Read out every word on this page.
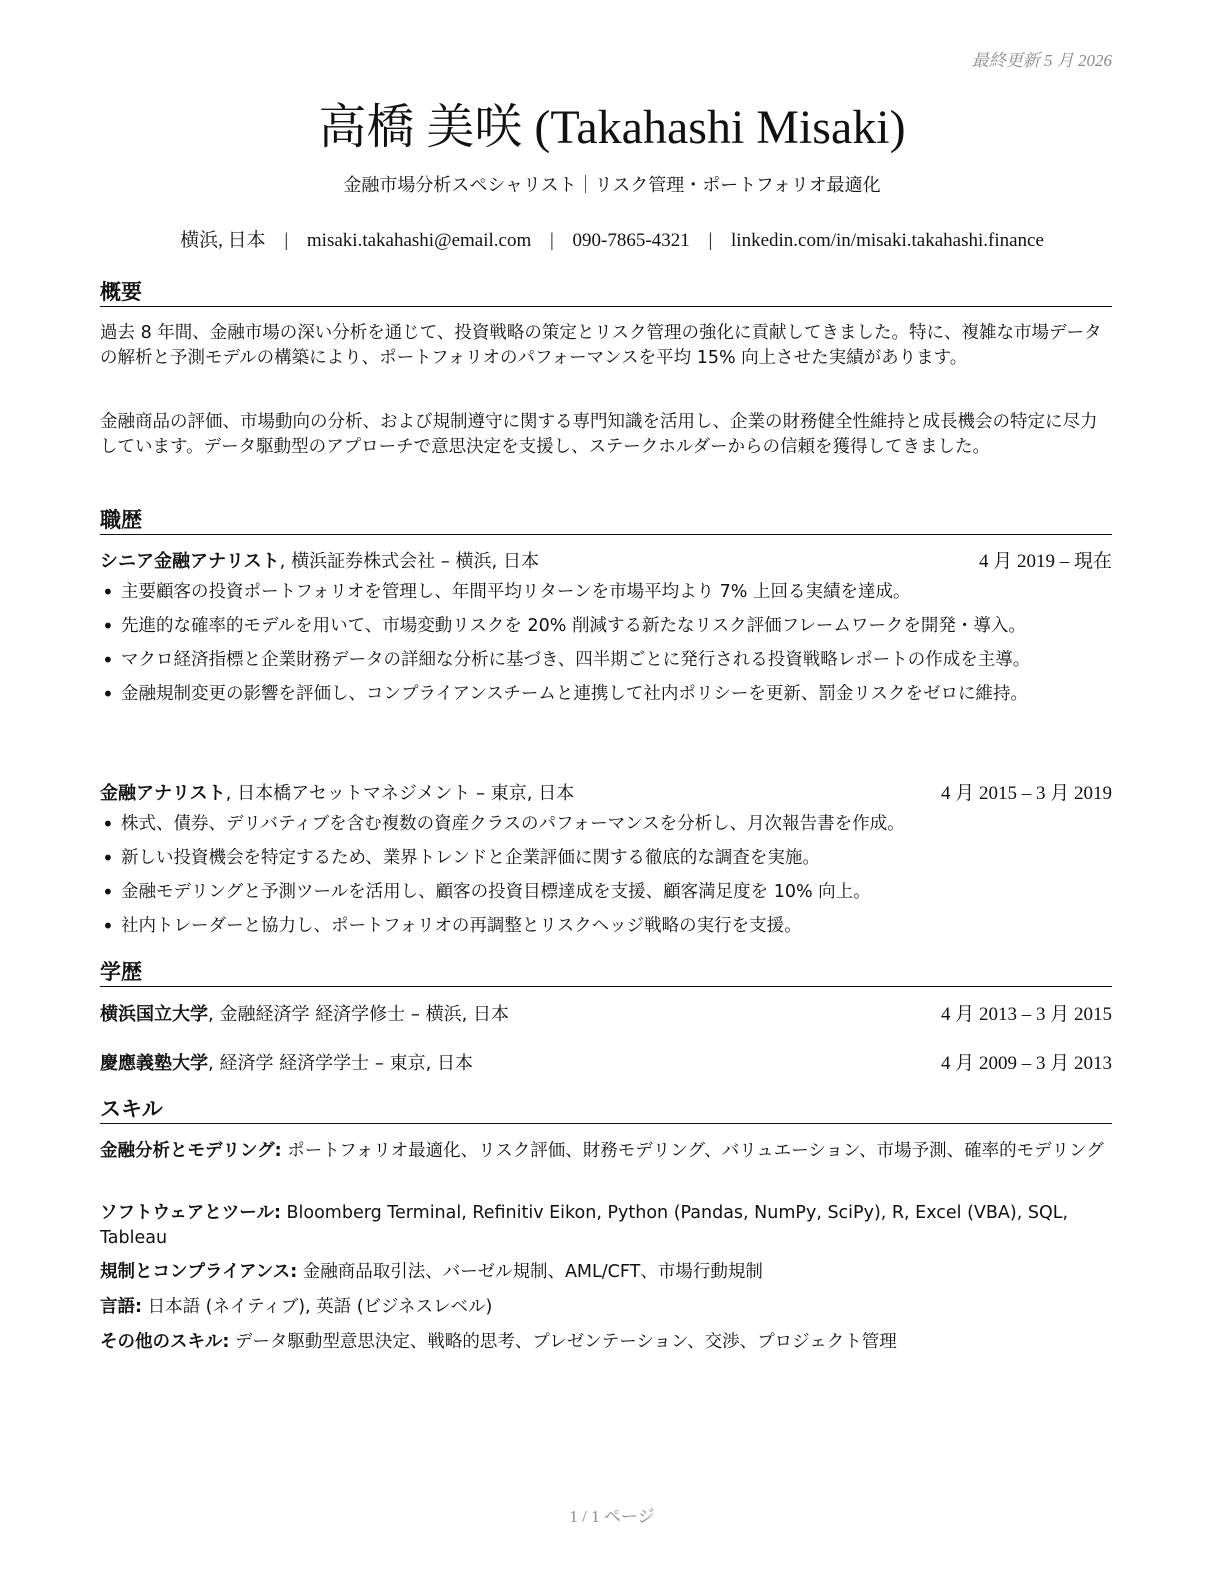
最終更新 5 月 2026
高橋 美咲 (Takahashi Misaki)
金融市場分析スペシャリスト｜リスク管理・ポートフォリオ最適化
横浜, 日本 | misaki.takahashi@email.com | 090-7865-4321 | linkedin.com/in/misaki.takahashi.finance
概要
過去 8 年間、金融市場の深い分析を通じて、投資戦略の策定とリスク管理の強化に貢献してきました。特に、複雑な市場データの解析と予測モデルの構築により、ポートフォリオのパフォーマンスを平均 15% 向上させた実績があります。
金融商品の評価、市場動向の分析、および規制遵守に関する専門知識を活用し、企業の財務健全性維持と成長機会の特定に尽力しています。データ駆動型のアプローチで意思決定を支援し、ステークホルダーからの信頼を獲得してきました。
職歴
シニア金融アナリスト, 横浜証券株式会社 – 横浜, 日本	4 月 2019 – 現在
• 主要顧客の投資ポートフォリオを管理し、年間平均リターンを市場平均より 7% 上回る実績を達成。
• 先進的な確率的モデルを用いて、市場変動リスクを 20% 削減する新たなリスク評価フレームワークを開発・導入。
• マクロ経済指標と企業財務データの詳細な分析に基づき、四半期ごとに発行される投資戦略レポートの作成を主導。
• 金融規制変更の影響を評価し、コンプライアンスチームと連携して社内ポリシーを更新、罰金リスクをゼロに維持。
金融アナリスト, 日本橋アセットマネジメント – 東京, 日本	4 月 2015 – 3 月 2019
• 株式、債券、デリバティブを含む複数の資産クラスのパフォーマンスを分析し、月次報告書を作成。
• 新しい投資機会を特定するため、業界トレンドと企業評価に関する徹底的な調査を実施。
• 金融モデリングと予測ツールを活用し、顧客の投資目標達成を支援、顧客満足度を 10% 向上。
• 社内トレーダーと協力し、ポートフォリオの再調整とリスクヘッジ戦略の実行を支援。
学歴
横浜国立大学, 金融経済学 経済学修士 – 横浜, 日本	4 月 2013 – 3 月 2015
慶應義塾大学, 経済学 経済学学士 – 東京, 日本	4 月 2009 – 3 月 2013
スキル
金融分析とモデリング: ポートフォリオ最適化、リスク評価、財務モデリング、バリュエーション、市場予測、確率的モデリング
ソフトウェアとツール: Bloomberg Terminal, Refinitiv Eikon, Python (Pandas, NumPy, SciPy), R, Excel (VBA), SQL, Tableau
規制とコンプライアンス: 金融商品取引法、バーゼル規制、AML/CFT、市場行動規制
言語: 日本語 (ネイティブ), 英語 (ビジネスレベル)
その他のスキル: データ駆動型意思決定、戦略的思考、プレゼンテーション、交渉、プロジェクト管理
1 / 1 ページ
